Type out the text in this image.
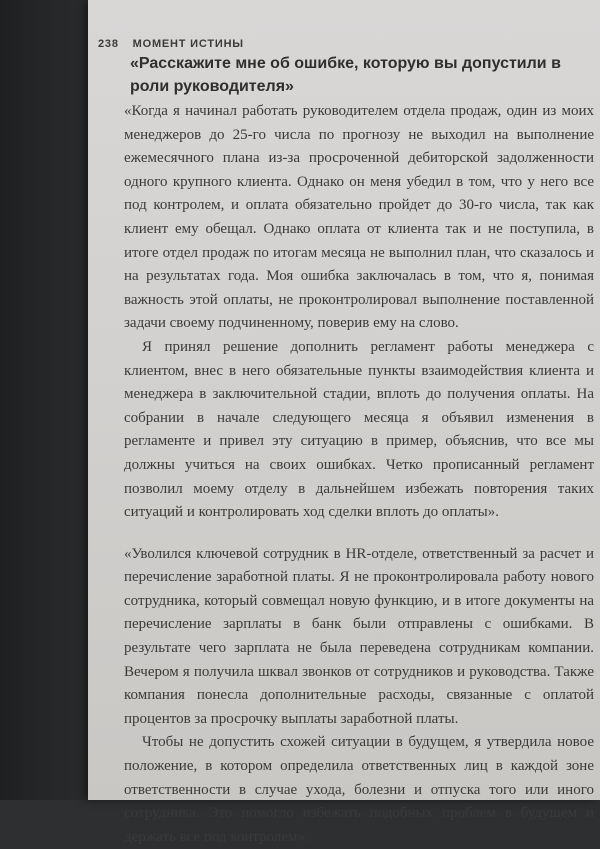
238 МОМЕНТ ИСТИНЫ

«Расскажите мне об ошибке, которую вы допустили в роли руководителя»

«Когда я начинал работать руководителем отдела продаж, один из моих менеджеров до 25-го числа по прогнозу не выходил на выполнение ежемесячного плана из-за просроченной дебиторской задолженности одного крупного клиента. Однако он меня убедил в том, что у него все под контролем, и оплата обязательно пройдет до 30-го числа, так как клиент ему обещал. Однако оплата от клиента так и не поступила, в итоге отдел продаж по итогам месяца не выполнил план, что сказалось и на результатах года. Моя ошибка заключалась в том, что я, понимая важность этой оплаты, не проконтролировал выполнение поставленной задачи своему подчиненному, поверив ему на слово.

Я принял решение дополнить регламент работы менеджера с клиентом, внес в него обязательные пункты взаимодействия клиента и менеджера в заключительной стадии, вплоть до получения оплаты. На собрании в начале следующего месяца я объявил изменения в регламенте и привел эту ситуацию в пример, объяснив, что все мы должны учиться на своих ошибках. Четко прописанный регламент позволил моему отделу в дальнейшем избежать повторения таких ситуаций и контролировать ход сделки вплоть до оплаты».

«Уволился ключевой сотрудник в HR-отделе, ответственный за расчет и перечисление заработной платы. Я не проконтролировала работу нового сотрудника, который совмещал новую функцию, и в итоге документы на перечисление зарплаты в банк были отправлены с ошибками. В результате чего зарплата не была переведена сотрудникам компании. Вечером я получила шквал звонков от сотрудников и руководства. Также компания понесла дополнительные расходы, связанные с оплатой процентов за просрочку выплаты заработной платы.

Чтобы не допустить схожей ситуации в будущем, я утвердила новое положение, в котором определила ответственных лиц в каждой зоне ответственности в случае ухода, болезни и отпуска того или иного сотрудника. Это помогло избежать подобных проблем в будущем и держать все под контролем».
